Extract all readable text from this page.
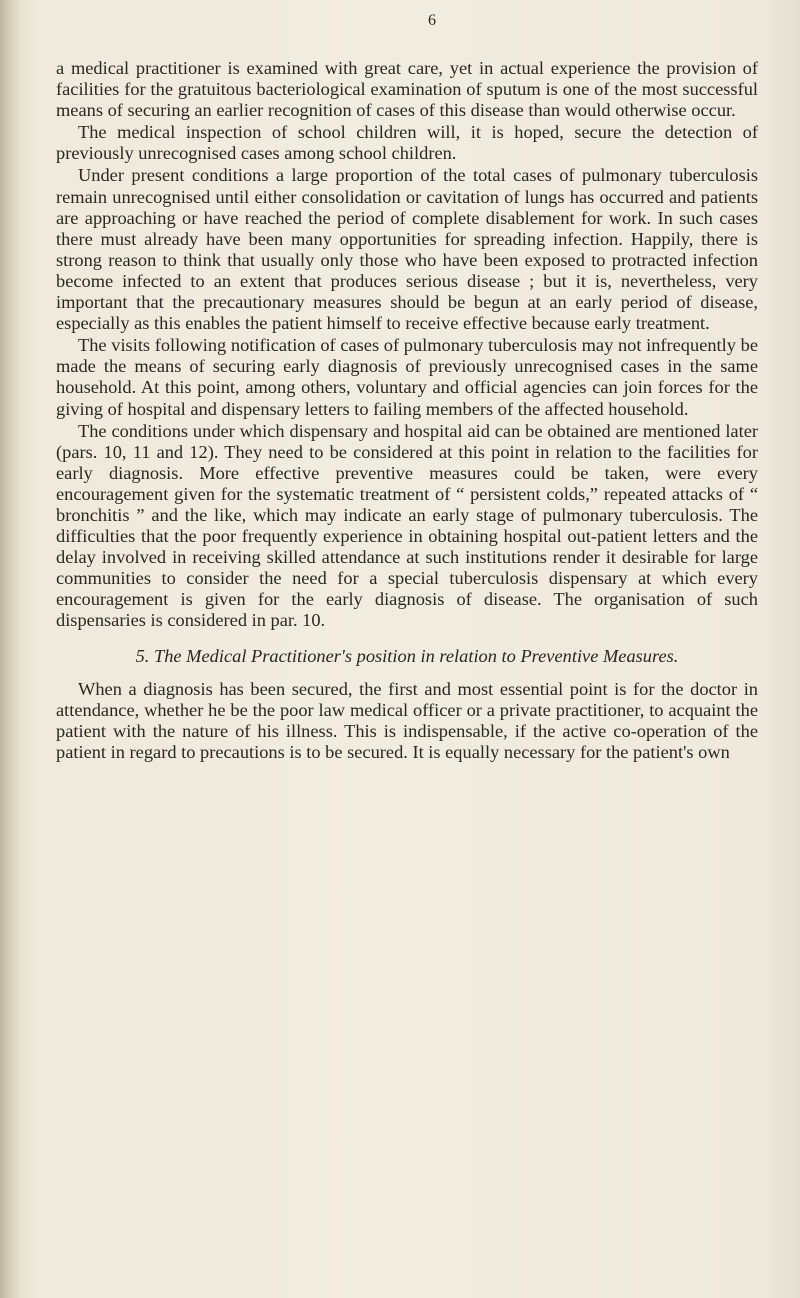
6

a medical practitioner is examined with great care, yet in actual experience the provision of facilities for the gratuitous bacteriological examination of sputum is one of the most successful means of securing an earlier recognition of cases of this disease than would otherwise occur.

The medical inspection of school children will, it is hoped, secure the detection of previously unrecognised cases among school children.

Under present conditions a large proportion of the total cases of pulmonary tuberculosis remain unrecognised until either consolidation or cavitation of lungs has occurred and patients are approaching or have reached the period of complete disablement for work. In such cases there must already have been many opportunities for spreading infection. Happily, there is strong reason to think that usually only those who have been exposed to protracted infection become infected to an extent that produces serious disease ; but it is, nevertheless, very important that the precautionary measures should be begun at an early period of disease, especially as this enables the patient himself to receive effective because early treatment.

The visits following notification of cases of pulmonary tuberculosis may not infrequently be made the means of securing early diagnosis of previously unrecognised cases in the same household. At this point, among others, voluntary and official agencies can join forces for the giving of hospital and dispensary letters to failing members of the affected household.

The conditions under which dispensary and hospital aid can be obtained are mentioned later (pars. 10, 11 and 12). They need to be considered at this point in relation to the facilities for early diagnosis. More effective preventive measures could be taken, were every encouragement given for the systematic treatment of “ persistent colds,” repeated attacks of “ bronchitis ” and the like, which may indicate an early stage of pulmonary tuberculosis. The difficulties that the poor frequently experience in obtaining hospital out-patient letters and the delay involved in receiving skilled attendance at such institutions render it desirable for large communities to consider the need for a special tuberculosis dispensary at which every encouragement is given for the early diagnosis of disease. The organisation of such dispensaries is considered in par. 10.

5. The Medical Practitioner's position in relation to Preventive Measures.

When a diagnosis has been secured, the first and most essential point is for the doctor in attendance, whether he be the poor law medical officer or a private practitioner, to acquaint the patient with the nature of his illness. This is indispensable, if the active co-operation of the patient in regard to precautions is to be secured. It is equally necessary for the patient's own
